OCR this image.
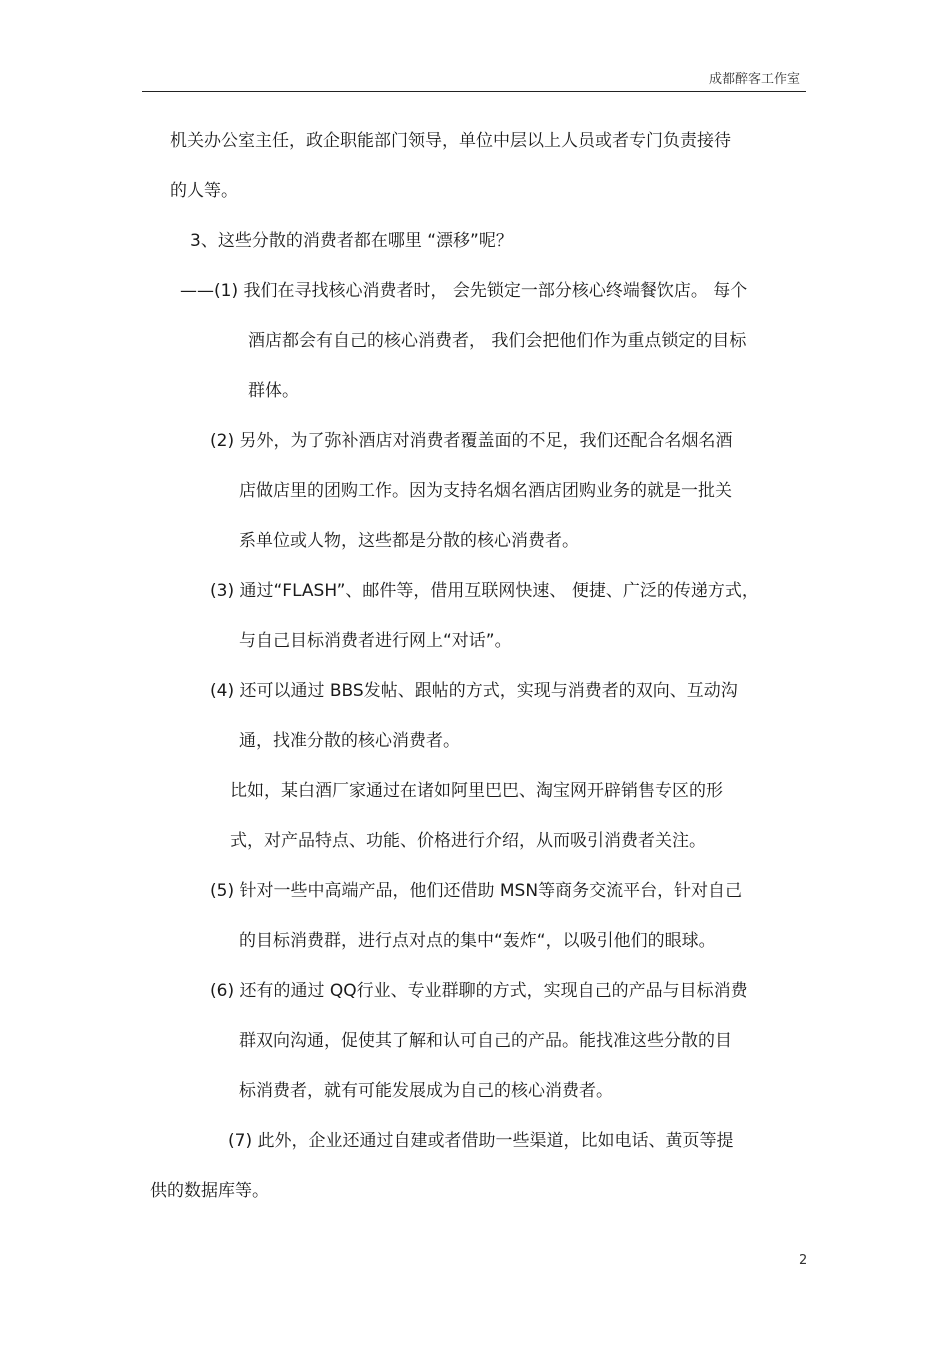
成都醉客工作室
机关办公室主任，政企职能部门领导，单位中层以上人员或者专门负责接待
的人等。
3、这些分散的消费者都在哪里 “漂移”呢？
——(1) 我们在寻找核心消费者时， 会先锁定一部分核心终端餐饮店。 每个
酒店都会有自己的核心消费者， 我们会把他们作为重点锁定的目标
群体。
(2) 另外，为了弥补酒店对消费者覆盖面的不足，我们还配合名烟名酒
店做店里的团购工作。因为支持名烟名酒店团购业务的就是一批关
系单位或人物，这些都是分散的核心消费者。
(3) 通过“FLASH”、邮件等，借用互联网快速、 便捷、广泛的传递方式，
与自己目标消费者进行网上“对话”。
(4) 还可以通过 BBS发帖、跟帖的方式，实现与消费者的双向、互动沟
通，找准分散的核心消费者。
比如，某白酒厂家通过在诸如阿里巴巴、淘宝网开辟销售专区的形
式，对产品特点、功能、价格进行介绍，从而吸引消费者关注。
(5) 针对一些中高端产品，他们还借助 MSN等商务交流平台，针对自己
的目标消费群，进行点对点的集中“轰炸“，以吸引他们的眼球。
(6) 还有的通过 QQ行业、专业群聊的方式，实现自己的产品与目标消费
群双向沟通，促使其了解和认可自己的产品。能找准这些分散的目
标消费者，就有可能发展成为自己的核心消费者。
(7) 此外，企业还通过自建或者借助一些渠道，比如电话、黄页等提
供的数据库等。
2
